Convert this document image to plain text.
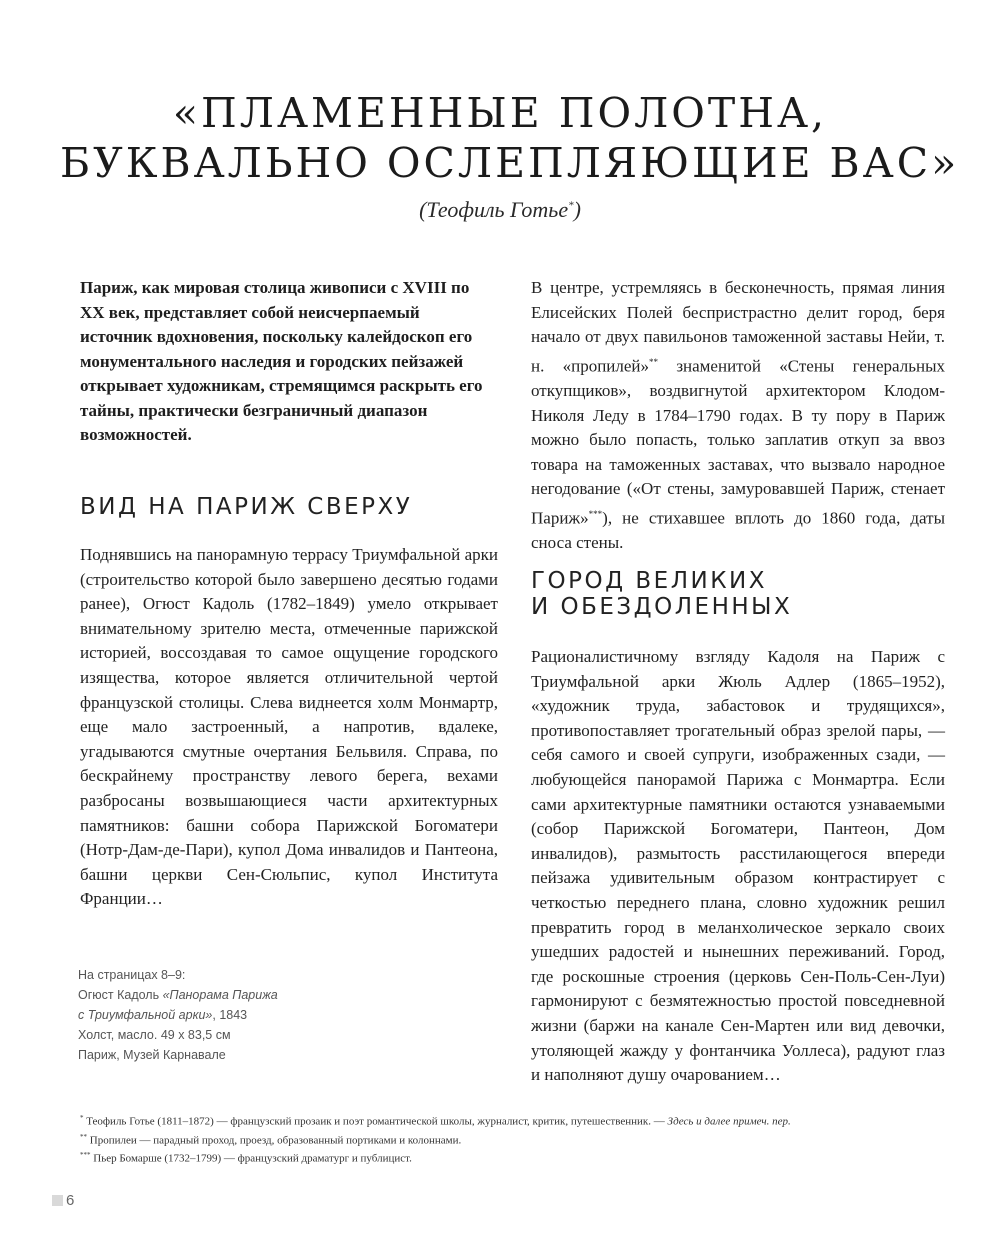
«ПЛАМЕННЫЕ ПОЛОТНА,
БУКВАЛЬНО ОСЛЕПЛЯЮЩИЕ ВАС»
(Теофиль Готье*)

Париж, как мировая столица живописи с XVIII по XX век, представляет собой неисчерпаемый источник вдохновения, поскольку калейдоскоп его монументального наследия и городских пейзажей открывает художникам, стремящимся раскрыть его тайны, практически безграничный диапазон возможностей.

ВИД НА ПАРИЖ СВЕРХУ

Поднявшись на панорамную террасу Триумфальной арки (строительство которой было завершено десятью годами ранее), Огюст Кадоль (1782–1849) умело открывает внимательному зрителю места, отмеченные парижской историей, воссоздавая то самое ощущение городского изящества, которое является отличительной чертой французской столицы. Слева виднеется холм Монмартр, еще мало застроенный, а напротив, вдалеке, угадываются смутные очертания Бельвиля. Справа, по бескрайнему пространству левого берега, вехами разбросаны возвышающиеся части архитектурных памятников: башни собора Парижской Богоматери (Нотр-Дам-де-Пари), купол Дома инвалидов и Пантеона, башни церкви Сен-Сюльпис, купол Института Франции…

В центре, устремляясь в бесконечность, прямая линия Елисейских Полей беспристрастно делит город, беря начало от двух павильонов таможенной заставы Нейи, т. н. «пропилей»** знаменитой «Стены генеральных откупщиков», воздвигнутой архитектором Клодом-Николя Леду в 1784–1790 годах. В ту пору в Париж можно было попасть, только заплатив откуп за ввоз товара на таможенных заставах, что вызвало народное негодование («От стены, замуровавшей Париж, стенает Париж»***), не стихавшее вплоть до 1860 года, даты сноса стены.

ГОРОД ВЕЛИКИХ
И ОБЕЗДОЛЕННЫХ

Рационалистичному взгляду Кадоля на Париж с Триумфальной арки Жюль Адлер (1865–1952), «художник труда, забастовок и трудящихся», противопоставляет трогательный образ зрелой пары, — себя самого и своей супруги, изображенных сзади, — любующейся панорамой Парижа с Монмартра. Если сами архитектурные памятники остаются узнаваемыми (собор Парижской Богоматери, Пантеон, Дом инвалидов), размытость расстилающегося впереди пейзажа удивительным образом контрастирует с четкостью переднего плана, словно художник решил превратить город в меланхолическое зеркало своих ушедших радостей и нынешних переживаний. Город, где роскошные строения (церковь Сен-Поль-Сен-Луи) гармонируют с безмятежностью простой повседневной жизни (баржи на канале Сен-Мартен или вид девочки, утоляющей жажду у фонтанчика Уоллеса), радуют глаз и наполняют душу очарованием…

На страницах 8–9:
Огюст Кадоль «Панорама Парижа
с Триумфальной арки», 1843
Холст, масло. 49 х 83,5 см
Париж, Музей Карнавале
* Теофиль Готье (1811–1872) — французский прозаик и поэт романтической школы, журналист, критик, путешественник. — Здесь и далее примеч. пер.
** Пропилеи — парадный проход, проезд, образованный портиками и колоннами.
*** Пьер Бомарше (1732–1799) — французский драматург и публицист.
6
